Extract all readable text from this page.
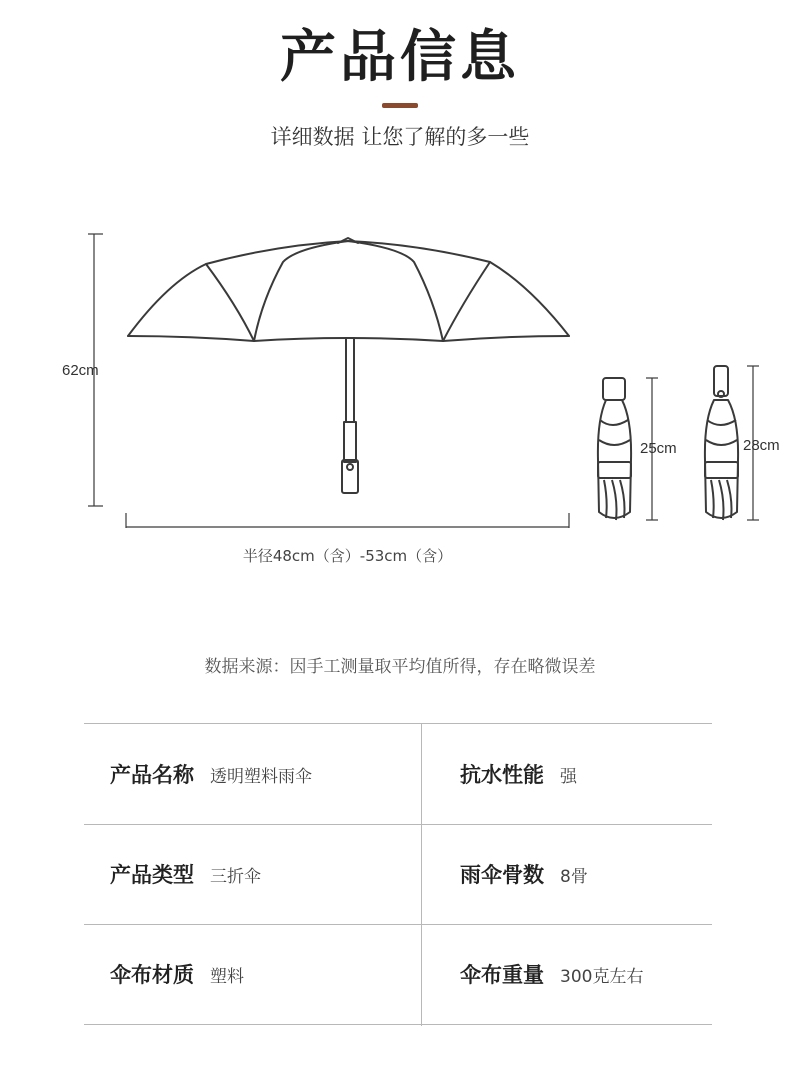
产品信息
详细数据 让您了解的多一些
62cm
半径48cm（含）-53cm（含）
25cm	28cm
数据来源：因手工测量取平均值所得，存在略微误差
产品名称 透明塑料雨伞	抗水性能 强
产品类型 三折伞	雨伞骨数 8骨
伞布材质 塑料	伞布重量 300克左右
